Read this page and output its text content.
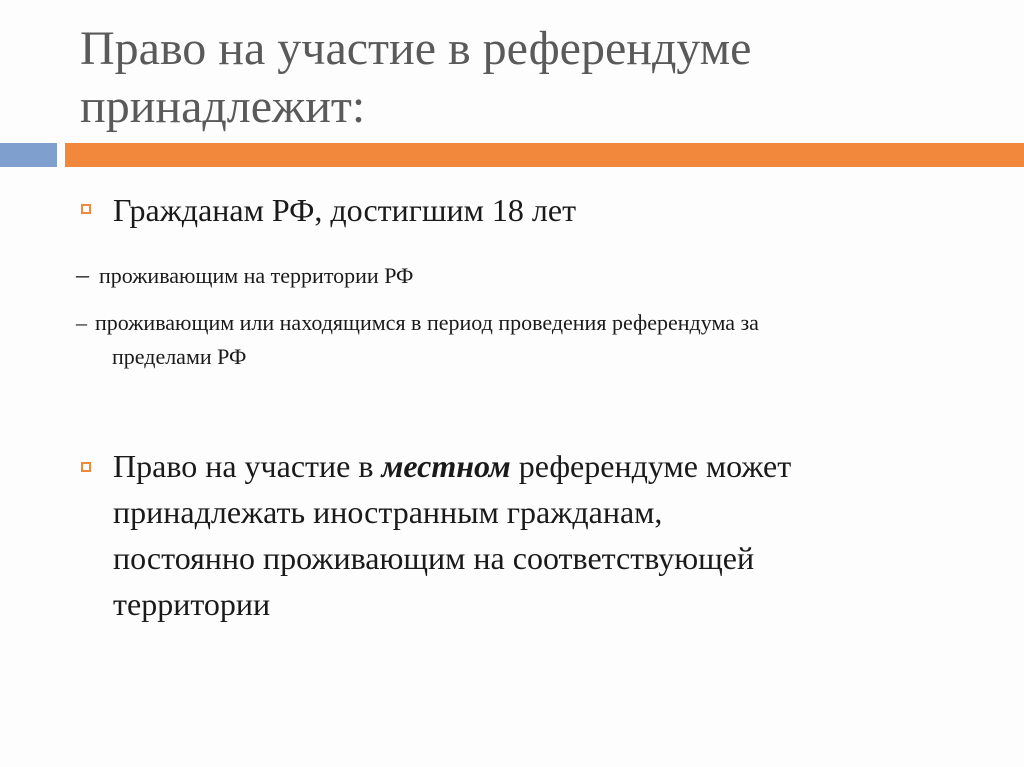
Право на участие в референдуме
принадлежит:
Гражданам РФ, достигшим 18 лет
– проживающим на территории РФ
– проживающим или находящимся в период проведения референдума за
пределами РФ
Право на участие в местном референдуме может
принадлежать иностранным гражданам,
постоянно проживающим на соответствующей
территории
